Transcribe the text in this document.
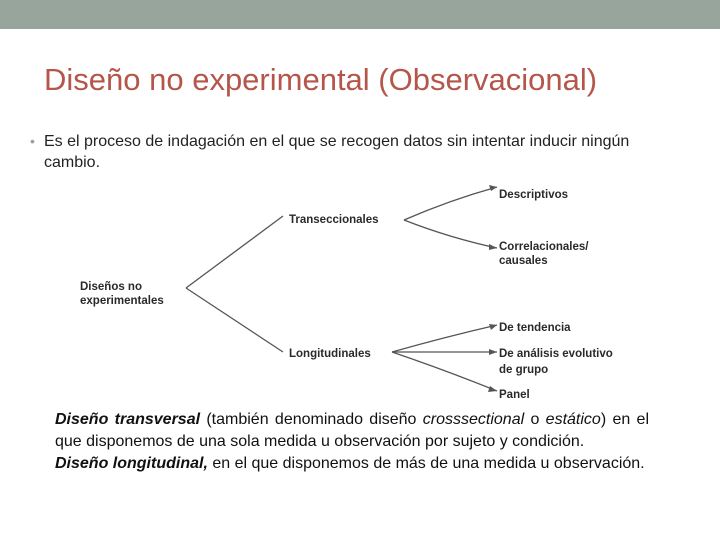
Diseño no experimental (Observacional)
• Es el proceso de indagación en el que se recogen datos sin intentar inducir ningún cambio.
Diseños no
experimentales
Transeccionales
Descriptivos
Correlacionales/
causales
Longitudinales
De tendencia
De análisis evolutivo
de grupo
Panel

Diseño transversal (también denominado diseño crosssectional o estático) en el que disponemos de una sola medida u observación por sujeto y condición.

Diseño longitudinal, en el que disponemos de más de una medida u observación.
